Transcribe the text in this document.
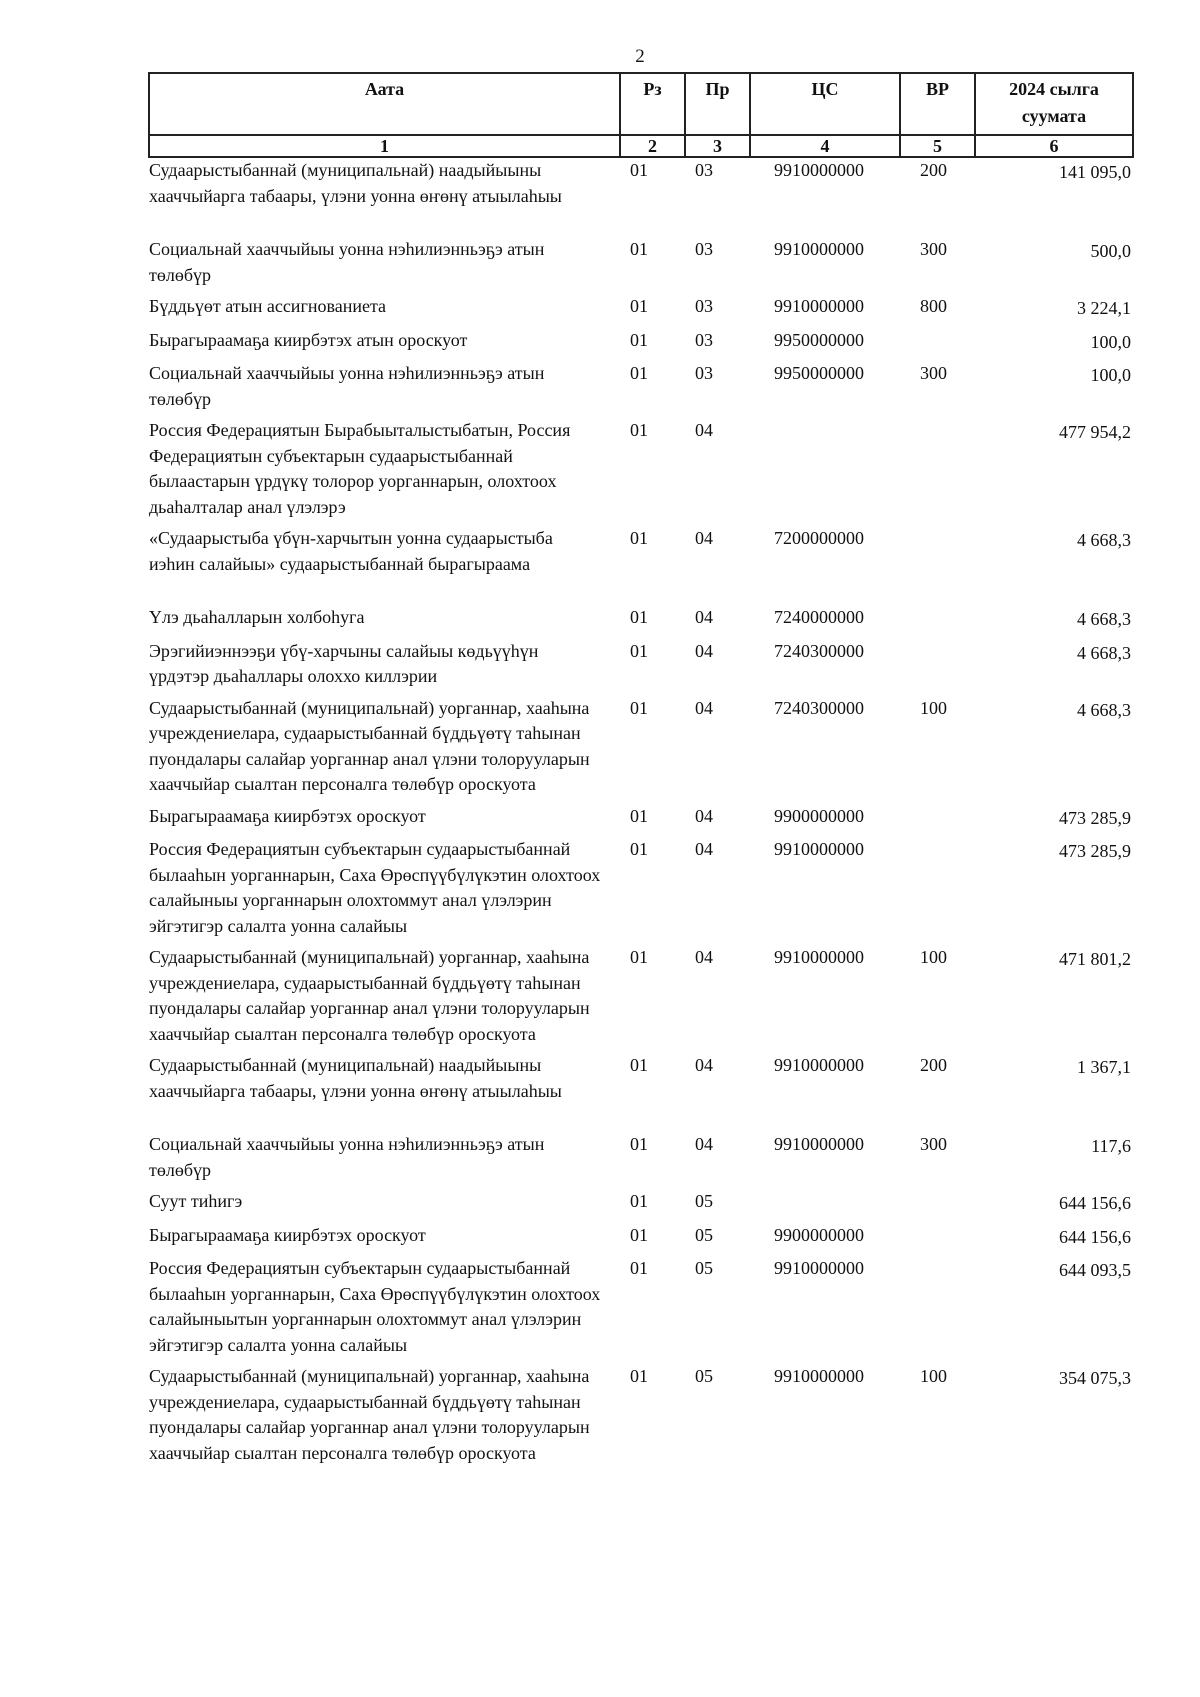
2
Аата	Рз	Пр	ЦС	ВР	2024 сылга суумата
1	2	3	4	5	6
Судаарыстыбаннай (муниципальнай) наадыйыыны хааччыйарга табаары, үлэни уонна өҥөнү атыылаһыы	01	03	9910000000	200	141 095,0
Социальнай хааччыйыы уонна нэһилиэнньэҕэ атын төлөбүр	01	03	9910000000	300	500,0
Бүддьүөт атын ассигнованиета	01	03	9910000000	800	3 224,1
Бырагыраамаҕа киирбэтэх атын ороскуот	01	03	9950000000		100,0
Социальнай хааччыйыы уонна нэһилиэнньэҕэ атын төлөбүр	01	03	9950000000	300	100,0
Россия Федерациятын Бырабыыталыстыбатын, Россия Федерациятын субъектарын судаарыстыбаннай былаастарын үрдүкү толорор уорганнарын, олохтоох дьаһалталар анал үлэлэрэ	01	04			477 954,2
«Судаарыстыба үбүн-харчытын уонна судаарыстыба иэһин салайыы» судаарыстыбаннай бырагыраама	01	04	7200000000		4 668,3
Үлэ дьаһалларын холбоһуга	01	04	7240000000		4 668,3
Эрэгийиэннээҕи үбү-харчыны салайыы көдьүүһүн үрдэтэр дьаһаллары олоххо киллэрии	01	04	7240300000		4 668,3
Судаарыстыбаннай (муниципальнай) уорганнар, хааһына учреждениелара, судаарыстыбаннай бүддьүөтү таһынан пуондалары салайар уорганнар анал үлэни толорууларын хааччыйар сыалтан персоналга төлөбүр ороскуота	01	04	7240300000	100	4 668,3
Бырагыраамаҕа киирбэтэх ороскуот	01	04	9900000000		473 285,9
Россия Федерациятын субъектарын судаарыстыбаннай былааһын уорганнарын, Саха Өрөспүүбүлүкэтин олохтоох салайыныы уорганнарын олохтоммут анал үлэлэрин эйгэтигэр салалта уонна салайыы	01	04	9910000000		473 285,9
Судаарыстыбаннай (муниципальнай) уорганнар, хааһына учреждениелара, судаарыстыбаннай бүддьүөтү таһынан пуондалары салайар уорганнар анал үлэни толорууларын хааччыйар сыалтан персоналга төлөбүр ороскуота	01	04	9910000000	100	471 801,2
Судаарыстыбаннай (муниципальнай) наадыйыыны хааччыйарга табаары, үлэни уонна өҥөнү атыылаһыы	01	04	9910000000	200	1 367,1
Социальнай хааччыйыы уонна нэһилиэнньэҕэ атын төлөбүр	01	04	9910000000	300	117,6
Суут тиһигэ	01	05			644 156,6
Бырагыраамаҕа киирбэтэх ороскуот	01	05	9900000000		644 156,6
Россия Федерациятын субъектарын судаарыстыбаннай былааһын уорганнарын, Саха Өрөспүүбүлүкэтин олохтоох салайыныытын уорганнарын олохтоммут анал үлэлэрин эйгэтигэр салалта уонна салайыы	01	05	9910000000		644 093,5
Судаарыстыбаннай (муниципальнай) уорганнар, хааһына учреждениелара, судаарыстыбаннай бүддьүөтү таһынан пуондалары салайар уорганнар анал үлэни толорууларын хааччыйар сыалтан персоналга төлөбүр ороскуота	01	05	9910000000	100	354 075,3
